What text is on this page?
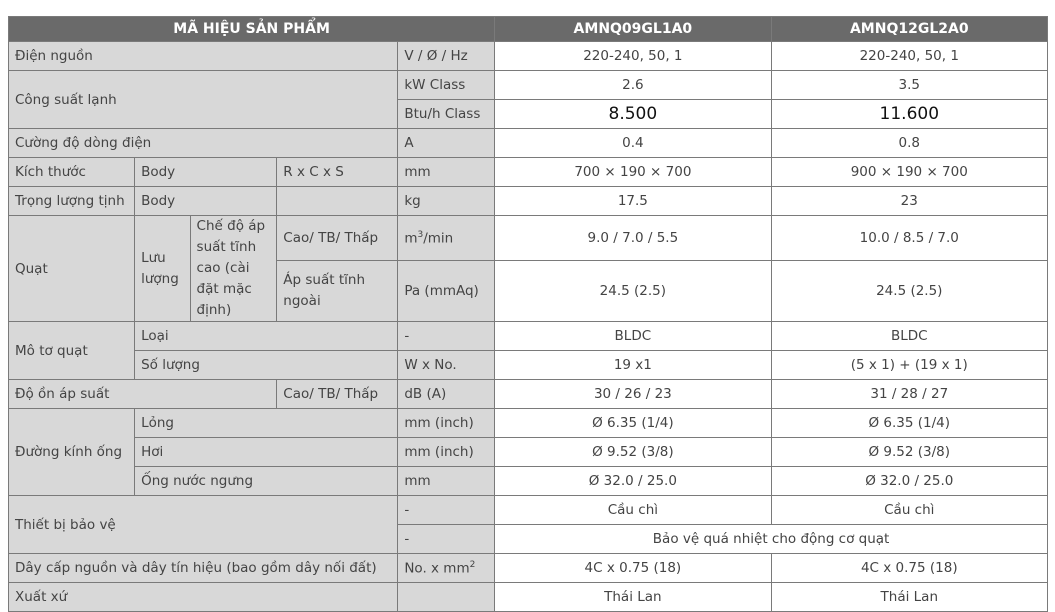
MÃ HIỆU SẢN PHẨM					AMNQ09GL1A0	AMNQ12GL2A0
Điện nguồn				V / Ø / Hz	220-240, 50, 1	220-240, 50, 1
Công suất lạnh				kW Class	2.6	3.5
				Btu/h Class	8.500	11.600
Cường độ dòng điện				A	0.4	0.8
Kích thước	Body		R x C x S	mm	700 × 190 × 700	900 × 190 × 700
Trọng lượng tịnh	Body			kg	17.5	23
Quạt	Lưu lượng	Chế độ áp suất tĩnh cao (cài đặt mặc định)	Cao/ TB/ Thấp	$m^3/\min$	9.0 / 7.0 / 5.5	10.0 / 8.5 / 7.0
			Áp suất tĩnh ngoài	Pa (mmAq)	24.5 (2.5)	24.5 (2.5)
Mô tơ quạt	Loại			-	BLDC	BLDC
	Số lượng			W x No.	19 x1	(5 x 1) + (19 x 1)
Độ ồn áp suất			Cao/ TB/ Thấp	dB (A)	30 / 26 / 23	31 / 28 / 27
Đường kính ống	Lỏng			mm (inch)	Ø 6.35 (1/4)	Ø 6.35 (1/4)
	Hơi			mm (inch)	Ø 9.52 (3/8)	Ø 9.52 (3/8)
	Ống nước ngưng			mm	Ø 32.0 / 25.0	Ø 32.0 / 25.0
Thiết bị bảo vệ				-	Cầu chì	Cầu chì
				-	Bảo vệ quá nhiệt cho động cơ quạt	
Dây cấp nguồn và dây tín hiệu (bao gồm dây nối đất)				No. x $mm^2$	4C x 0.75 (18)	4C x 0.75 (18)
Xuất xứ					Thái Lan	Thái Lan
